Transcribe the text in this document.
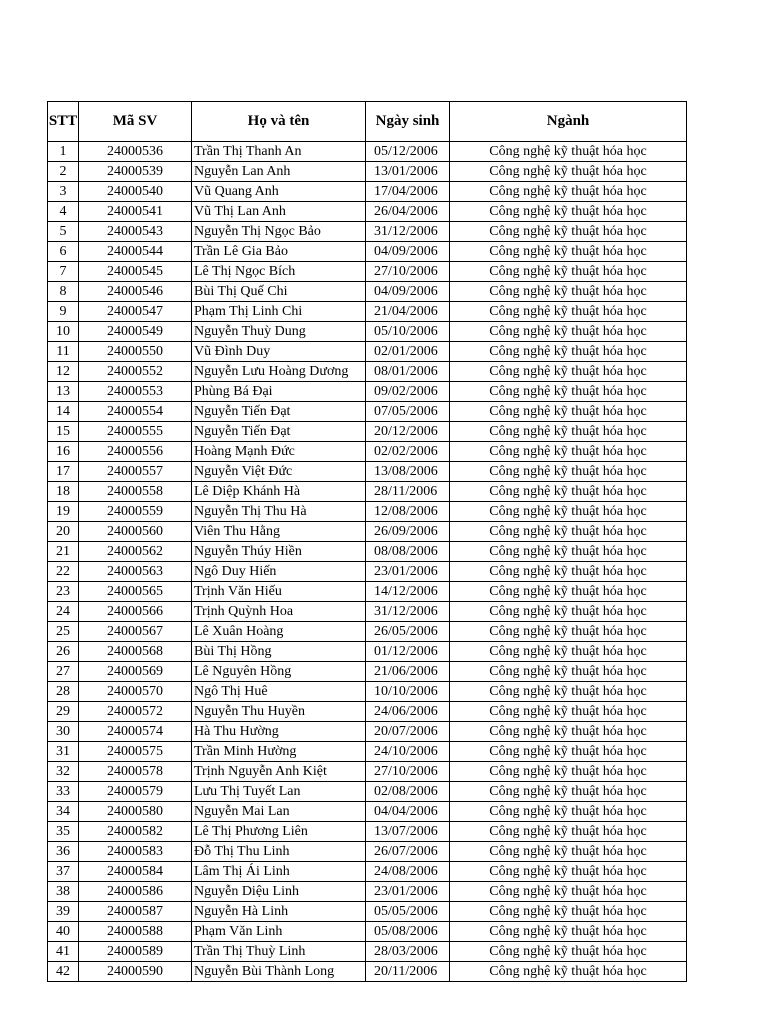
STT	Mã SV	Họ và tên	Ngày sinh	Ngành
1	24000536	Trần Thị Thanh An	05/12/2006	Công nghệ kỹ thuật hóa học
2	24000539	Nguyễn Lan Anh	13/01/2006	Công nghệ kỹ thuật hóa học
3	24000540	Vũ Quang Anh	17/04/2006	Công nghệ kỹ thuật hóa học
4	24000541	Vũ Thị Lan Anh	26/04/2006	Công nghệ kỹ thuật hóa học
5	24000543	Nguyễn Thị Ngọc Bảo	31/12/2006	Công nghệ kỹ thuật hóa học
6	24000544	Trần Lê Gia Bảo	04/09/2006	Công nghệ kỹ thuật hóa học
7	24000545	Lê Thị Ngọc Bích	27/10/2006	Công nghệ kỹ thuật hóa học
8	24000546	Bùi Thị Quế Chi	04/09/2006	Công nghệ kỹ thuật hóa học
9	24000547	Phạm Thị Linh Chi	21/04/2006	Công nghệ kỹ thuật hóa học
10	24000549	Nguyễn Thuỳ Dung	05/10/2006	Công nghệ kỹ thuật hóa học
11	24000550	Vũ Đình Duy	02/01/2006	Công nghệ kỹ thuật hóa học
12	24000552	Nguyễn Lưu Hoàng Dương	08/01/2006	Công nghệ kỹ thuật hóa học
13	24000553	Phùng Bá Đại	09/02/2006	Công nghệ kỹ thuật hóa học
14	24000554	Nguyễn Tiến Đạt	07/05/2006	Công nghệ kỹ thuật hóa học
15	24000555	Nguyễn Tiến Đạt	20/12/2006	Công nghệ kỹ thuật hóa học
16	24000556	Hoàng Mạnh Đức	02/02/2006	Công nghệ kỹ thuật hóa học
17	24000557	Nguyễn Việt Đức	13/08/2006	Công nghệ kỹ thuật hóa học
18	24000558	Lê Diệp Khánh Hà	28/11/2006	Công nghệ kỹ thuật hóa học
19	24000559	Nguyễn Thị Thu Hà	12/08/2006	Công nghệ kỹ thuật hóa học
20	24000560	Viên Thu Hằng	26/09/2006	Công nghệ kỹ thuật hóa học
21	24000562	Nguyễn Thúy Hiền	08/08/2006	Công nghệ kỹ thuật hóa học
22	24000563	Ngô Duy Hiến	23/01/2006	Công nghệ kỹ thuật hóa học
23	24000565	Trịnh Văn Hiếu	14/12/2006	Công nghệ kỹ thuật hóa học
24	24000566	Trịnh Quỳnh Hoa	31/12/2006	Công nghệ kỹ thuật hóa học
25	24000567	Lê Xuân Hoàng	26/05/2006	Công nghệ kỹ thuật hóa học
26	24000568	Bùi Thị Hồng	01/12/2006	Công nghệ kỹ thuật hóa học
27	24000569	Lê Nguyên Hồng	21/06/2006	Công nghệ kỹ thuật hóa học
28	24000570	Ngô Thị Huê	10/10/2006	Công nghệ kỹ thuật hóa học
29	24000572	Nguyễn Thu Huyền	24/06/2006	Công nghệ kỹ thuật hóa học
30	24000574	Hà Thu Hường	20/07/2006	Công nghệ kỹ thuật hóa học
31	24000575	Trần Minh Hường	24/10/2006	Công nghệ kỹ thuật hóa học
32	24000578	Trịnh Nguyễn Anh Kiệt	27/10/2006	Công nghệ kỹ thuật hóa học
33	24000579	Lưu Thị Tuyết Lan	02/08/2006	Công nghệ kỹ thuật hóa học
34	24000580	Nguyễn Mai Lan	04/04/2006	Công nghệ kỹ thuật hóa học
35	24000582	Lê Thị Phương Liên	13/07/2006	Công nghệ kỹ thuật hóa học
36	24000583	Đỗ Thị Thu Linh	26/07/2006	Công nghệ kỹ thuật hóa học
37	24000584	Lâm Thị Ái Linh	24/08/2006	Công nghệ kỹ thuật hóa học
38	24000586	Nguyễn Diệu Linh	23/01/2006	Công nghệ kỹ thuật hóa học
39	24000587	Nguyễn Hà Linh	05/05/2006	Công nghệ kỹ thuật hóa học
40	24000588	Phạm Văn Linh	05/08/2006	Công nghệ kỹ thuật hóa học
41	24000589	Trần Thị Thuỳ Linh	28/03/2006	Công nghệ kỹ thuật hóa học
42	24000590	Nguyễn Bùi Thành Long	20/11/2006	Công nghệ kỹ thuật hóa học
